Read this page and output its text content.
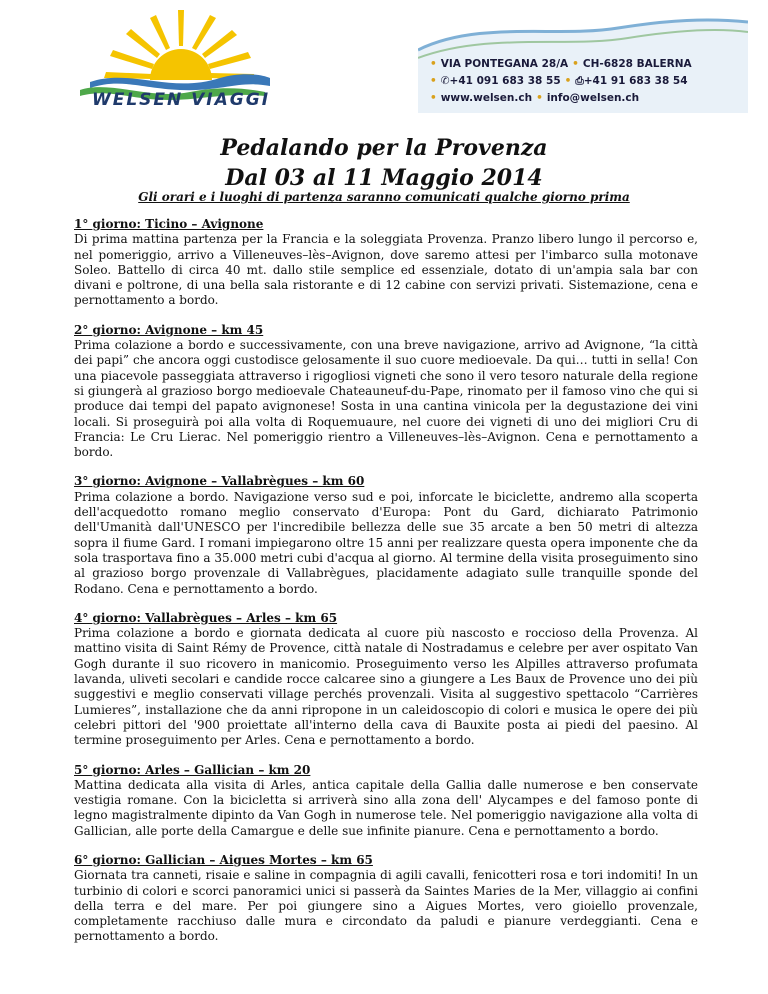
WELSEN VIAGGI
• VIA PONTEGANA 28/A • CH-6828 BALERNA
• ✆+41 091 683 38 55 • ⎙+41 91 683 38 54
• www.welsen.ch • info@welsen.ch
Pedalando per la Provenza
Dal 03 al 11 Maggio 2014
Gli orari e i luoghi di partenza saranno comunicati qualche giorno prima
1° giorno: Ticino – Avignone

Di prima mattina partenza per la Francia e la soleggiata Provenza. Pranzo libero lungo il percorso e, nel pomeriggio, arrivo a Villeneuves–lès–Avignon, dove saremo attesi per l'imbarco sulla motonave Soleo. Battello di circa 40 mt. dallo stile semplice ed essenziale, dotato di un'ampia sala bar con divani e poltrone, di una bella sala ristorante e di 12 cabine con servizi privati. Sistemazione, cena e pernottamento a bordo.

2° giorno: Avignone – km 45

Prima colazione a bordo e successivamente, con una breve navigazione, arrivo ad Avignone, “la città dei papi” che ancora oggi custodisce gelosamente il suo cuore medioevale. Da qui… tutti in sella! Con una piacevole passeggiata attraverso i rigogliosi vigneti che sono il vero tesoro naturale della regione si giungerà al grazioso borgo medioevale Chateauneuf-du-Pape, rinomato per il famoso vino che qui si produce dai tempi del papato avignonese! Sosta in una cantina vinicola per la degustazione dei vini locali. Si proseguirà poi alla volta di Roquemuaure, nel cuore dei vigneti di uno dei migliori Cru di Francia: Le Cru Lierac. Nel pomeriggio rientro a Villeneuves–lès–Avignon. Cena e pernottamento a bordo.

3° giorno: Avignone – Vallabrègues – km 60

Prima colazione a bordo. Navigazione verso sud e poi, inforcate le biciclette, andremo alla scoperta dell'acquedotto romano meglio conservato d'Europa: Pont du Gard, dichiarato Patrimonio dell'Umanità dall'UNESCO per l'incredibile bellezza delle sue 35 arcate a ben 50 metri di altezza sopra il fiume Gard. I romani impiegarono oltre 15 anni per realizzare questa opera imponente che da sola trasportava fino a 35.000 metri cubi d'acqua al giorno. Al termine della visita proseguimento sino al grazioso borgo provenzale di Vallabrègues, placidamente adagiato sulle tranquille sponde del Rodano. Cena e pernottamento a bordo.

4° giorno: Vallabrègues – Arles – km 65

Prima colazione a bordo e giornata dedicata al cuore più nascosto e roccioso della Provenza. Al mattino visita di Saint Rémy de Provence, città natale di Nostradamus e celebre per aver ospitato Van Gogh durante il suo ricovero in manicomio. Proseguimento verso les Alpilles attraverso profumata lavanda, uliveti secolari e candide rocce calcaree sino a giungere a Les Baux de Provence uno dei più suggestivi e meglio conservati village perchés provenzali. Visita al suggestivo spettacolo “Carrières Lumieres”, installazione che da anni ripropone in un caleidoscopio di colori e musica le opere dei più celebri pittori del '900 proiettate all'interno della cava di Bauxite posta ai piedi del paesino. Al termine proseguimento per Arles. Cena e pernottamento a bordo.

5° giorno: Arles – Gallician – km 20

Mattina dedicata alla visita di Arles, antica capitale della Gallia dalle numerose e ben conservate vestigia romane. Con la bicicletta si arriverà sino alla zona dell' Alycampes e del famoso ponte di legno magistralmente dipinto da Van Gogh in numerose tele. Nel pomeriggio navigazione alla volta di Gallician, alle porte della Camargue e delle sue infinite pianure. Cena e pernottamento a bordo.

6° giorno: Gallician – Aigues Mortes – km 65

Giornata tra canneti, risaie e saline in compagnia di agili cavalli, fenicotteri rosa e tori indomiti! In un turbinio di colori e scorci panoramici unici si passerà da Saintes Maries de la Mer, villaggio ai confini della terra e del mare. Per poi giungere sino a Aigues Mortes, vero gioiello provenzale, completamente racchiuso dalle mura e circondato da paludi e pianure verdeggianti. Cena e pernottamento a bordo.
